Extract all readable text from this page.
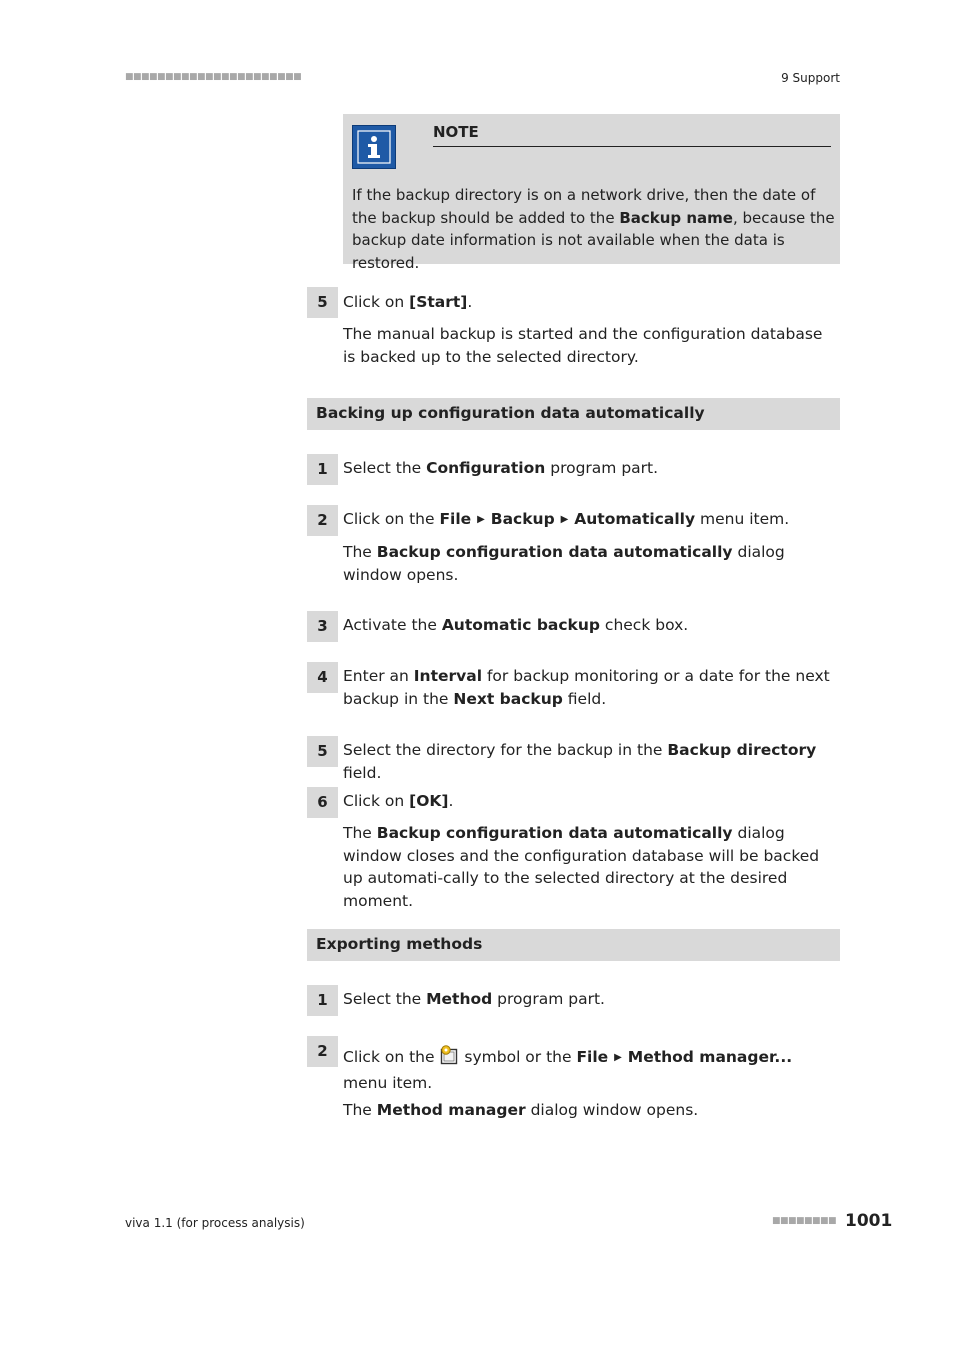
■■■■■■■■■■■■■■■■■■■■■■	9 Support
NOTE
If the backup directory is on a network drive, then the date of the backup should be added to the Backup name, because the backup date information is not available when the data is restored.
5 Click on [Start].
The manual backup is started and the configuration database is backed up to the selected directory.
Backing up configuration data automatically
1 Select the Configuration program part.
2 Click on the File ▶ Backup ▶ Automatically menu item.
The Backup configuration data automatically dialog window opens.
3 Activate the Automatic backup check box.
4 Enter an Interval for backup monitoring or a date for the next backup in the Next backup field.
5 Select the directory for the backup in the Backup directory field.
6 Click on [OK].
The Backup configuration data automatically dialog window closes and the configuration database will be backed up automati-cally to the selected directory at the desired moment.
Exporting methods
1 Select the Method program part.
2 Click on the  symbol or the File ▶ Method manager... menu item.
The Method manager dialog window opens.
viva 1.1 (for process analysis)	■■■■■■■■ 1001
